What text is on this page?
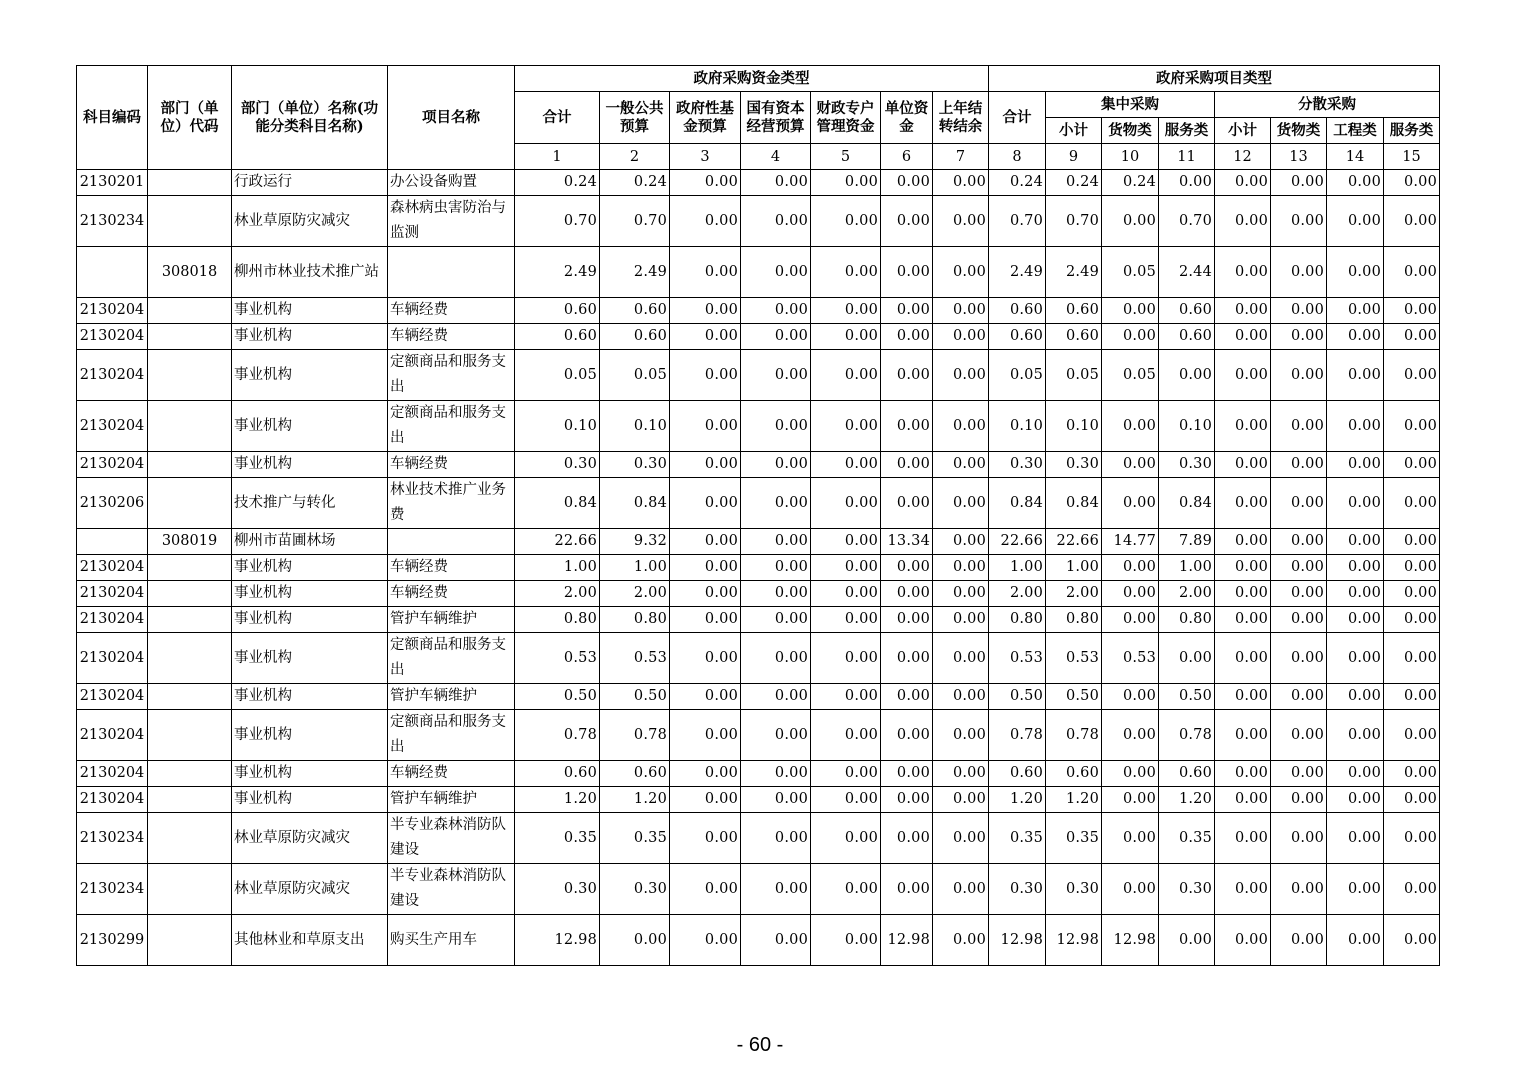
科目编码	部门（单位）代码	部门（单位）名称(功能分类科目名称)	项目名称	政府采购资金类型							政府采购项目类型							
				合计	一般公共预算	政府性基金预算	国有资本经营预算	财政专户管理资金	单位资金	上年结转结余	合计	集中采购			分散采购			
												小计	货物类	服务类	小计	货物类	工程类	服务类
				1	2	3	4	5	6	7	8	9	10	11	12	13	14	15
2130201		行政运行	办公设备购置	0.24	0.24	0.00	0.00	0.00	0.00	0.00	0.24	0.24	0.24	0.00	0.00	0.00	0.00	0.00
2130234		林业草原防灾减灾	森林病虫害防治与监测	0.70	0.70	0.00	0.00	0.00	0.00	0.00	0.70	0.70	0.00	0.70	0.00	0.00	0.00	0.00
	308018	柳州市林业技术推广站		2.49	2.49	0.00	0.00	0.00	0.00	0.00	2.49	2.49	0.05	2.44	0.00	0.00	0.00	0.00
2130204		事业机构	车辆经费	0.60	0.60	0.00	0.00	0.00	0.00	0.00	0.60	0.60	0.00	0.60	0.00	0.00	0.00	0.00
2130204		事业机构	车辆经费	0.60	0.60	0.00	0.00	0.00	0.00	0.00	0.60	0.60	0.00	0.60	0.00	0.00	0.00	0.00
2130204		事业机构	定额商品和服务支出	0.05	0.05	0.00	0.00	0.00	0.00	0.00	0.05	0.05	0.05	0.00	0.00	0.00	0.00	0.00
2130204		事业机构	定额商品和服务支出	0.10	0.10	0.00	0.00	0.00	0.00	0.00	0.10	0.10	0.00	0.10	0.00	0.00	0.00	0.00
2130204		事业机构	车辆经费	0.30	0.30	0.00	0.00	0.00	0.00	0.00	0.30	0.30	0.00	0.30	0.00	0.00	0.00	0.00
2130206		技术推广与转化	林业技术推广业务费	0.84	0.84	0.00	0.00	0.00	0.00	0.00	0.84	0.84	0.00	0.84	0.00	0.00	0.00	0.00
	308019	柳州市苗圃林场		22.66	9.32	0.00	0.00	0.00	13.34	0.00	22.66	22.66	14.77	7.89	0.00	0.00	0.00	0.00
2130204		事业机构	车辆经费	1.00	1.00	0.00	0.00	0.00	0.00	0.00	1.00	1.00	0.00	1.00	0.00	0.00	0.00	0.00
2130204		事业机构	车辆经费	2.00	2.00	0.00	0.00	0.00	0.00	0.00	2.00	2.00	0.00	2.00	0.00	0.00	0.00	0.00
2130204		事业机构	管护车辆维护	0.80	0.80	0.00	0.00	0.00	0.00	0.00	0.80	0.80	0.00	0.80	0.00	0.00	0.00	0.00
2130204		事业机构	定额商品和服务支出	0.53	0.53	0.00	0.00	0.00	0.00	0.00	0.53	0.53	0.53	0.00	0.00	0.00	0.00	0.00
2130204		事业机构	管护车辆维护	0.50	0.50	0.00	0.00	0.00	0.00	0.00	0.50	0.50	0.00	0.50	0.00	0.00	0.00	0.00
2130204		事业机构	定额商品和服务支出	0.78	0.78	0.00	0.00	0.00	0.00	0.00	0.78	0.78	0.00	0.78	0.00	0.00	0.00	0.00
2130204		事业机构	车辆经费	0.60	0.60	0.00	0.00	0.00	0.00	0.00	0.60	0.60	0.00	0.60	0.00	0.00	0.00	0.00
2130204		事业机构	管护车辆维护	1.20	1.20	0.00	0.00	0.00	0.00	0.00	1.20	1.20	0.00	1.20	0.00	0.00	0.00	0.00
2130234		林业草原防灾减灾	半专业森林消防队建设	0.35	0.35	0.00	0.00	0.00	0.00	0.00	0.35	0.35	0.00	0.35	0.00	0.00	0.00	0.00
2130234		林业草原防灾减灾	半专业森林消防队建设	0.30	0.30	0.00	0.00	0.00	0.00	0.00	0.30	0.30	0.00	0.30	0.00	0.00	0.00	0.00
2130299		其他林业和草原支出	购买生产用车	12.98	0.00	0.00	0.00	0.00	12.98	0.00	12.98	12.98	12.98	0.00	0.00	0.00	0.00	0.00
- 60 -
